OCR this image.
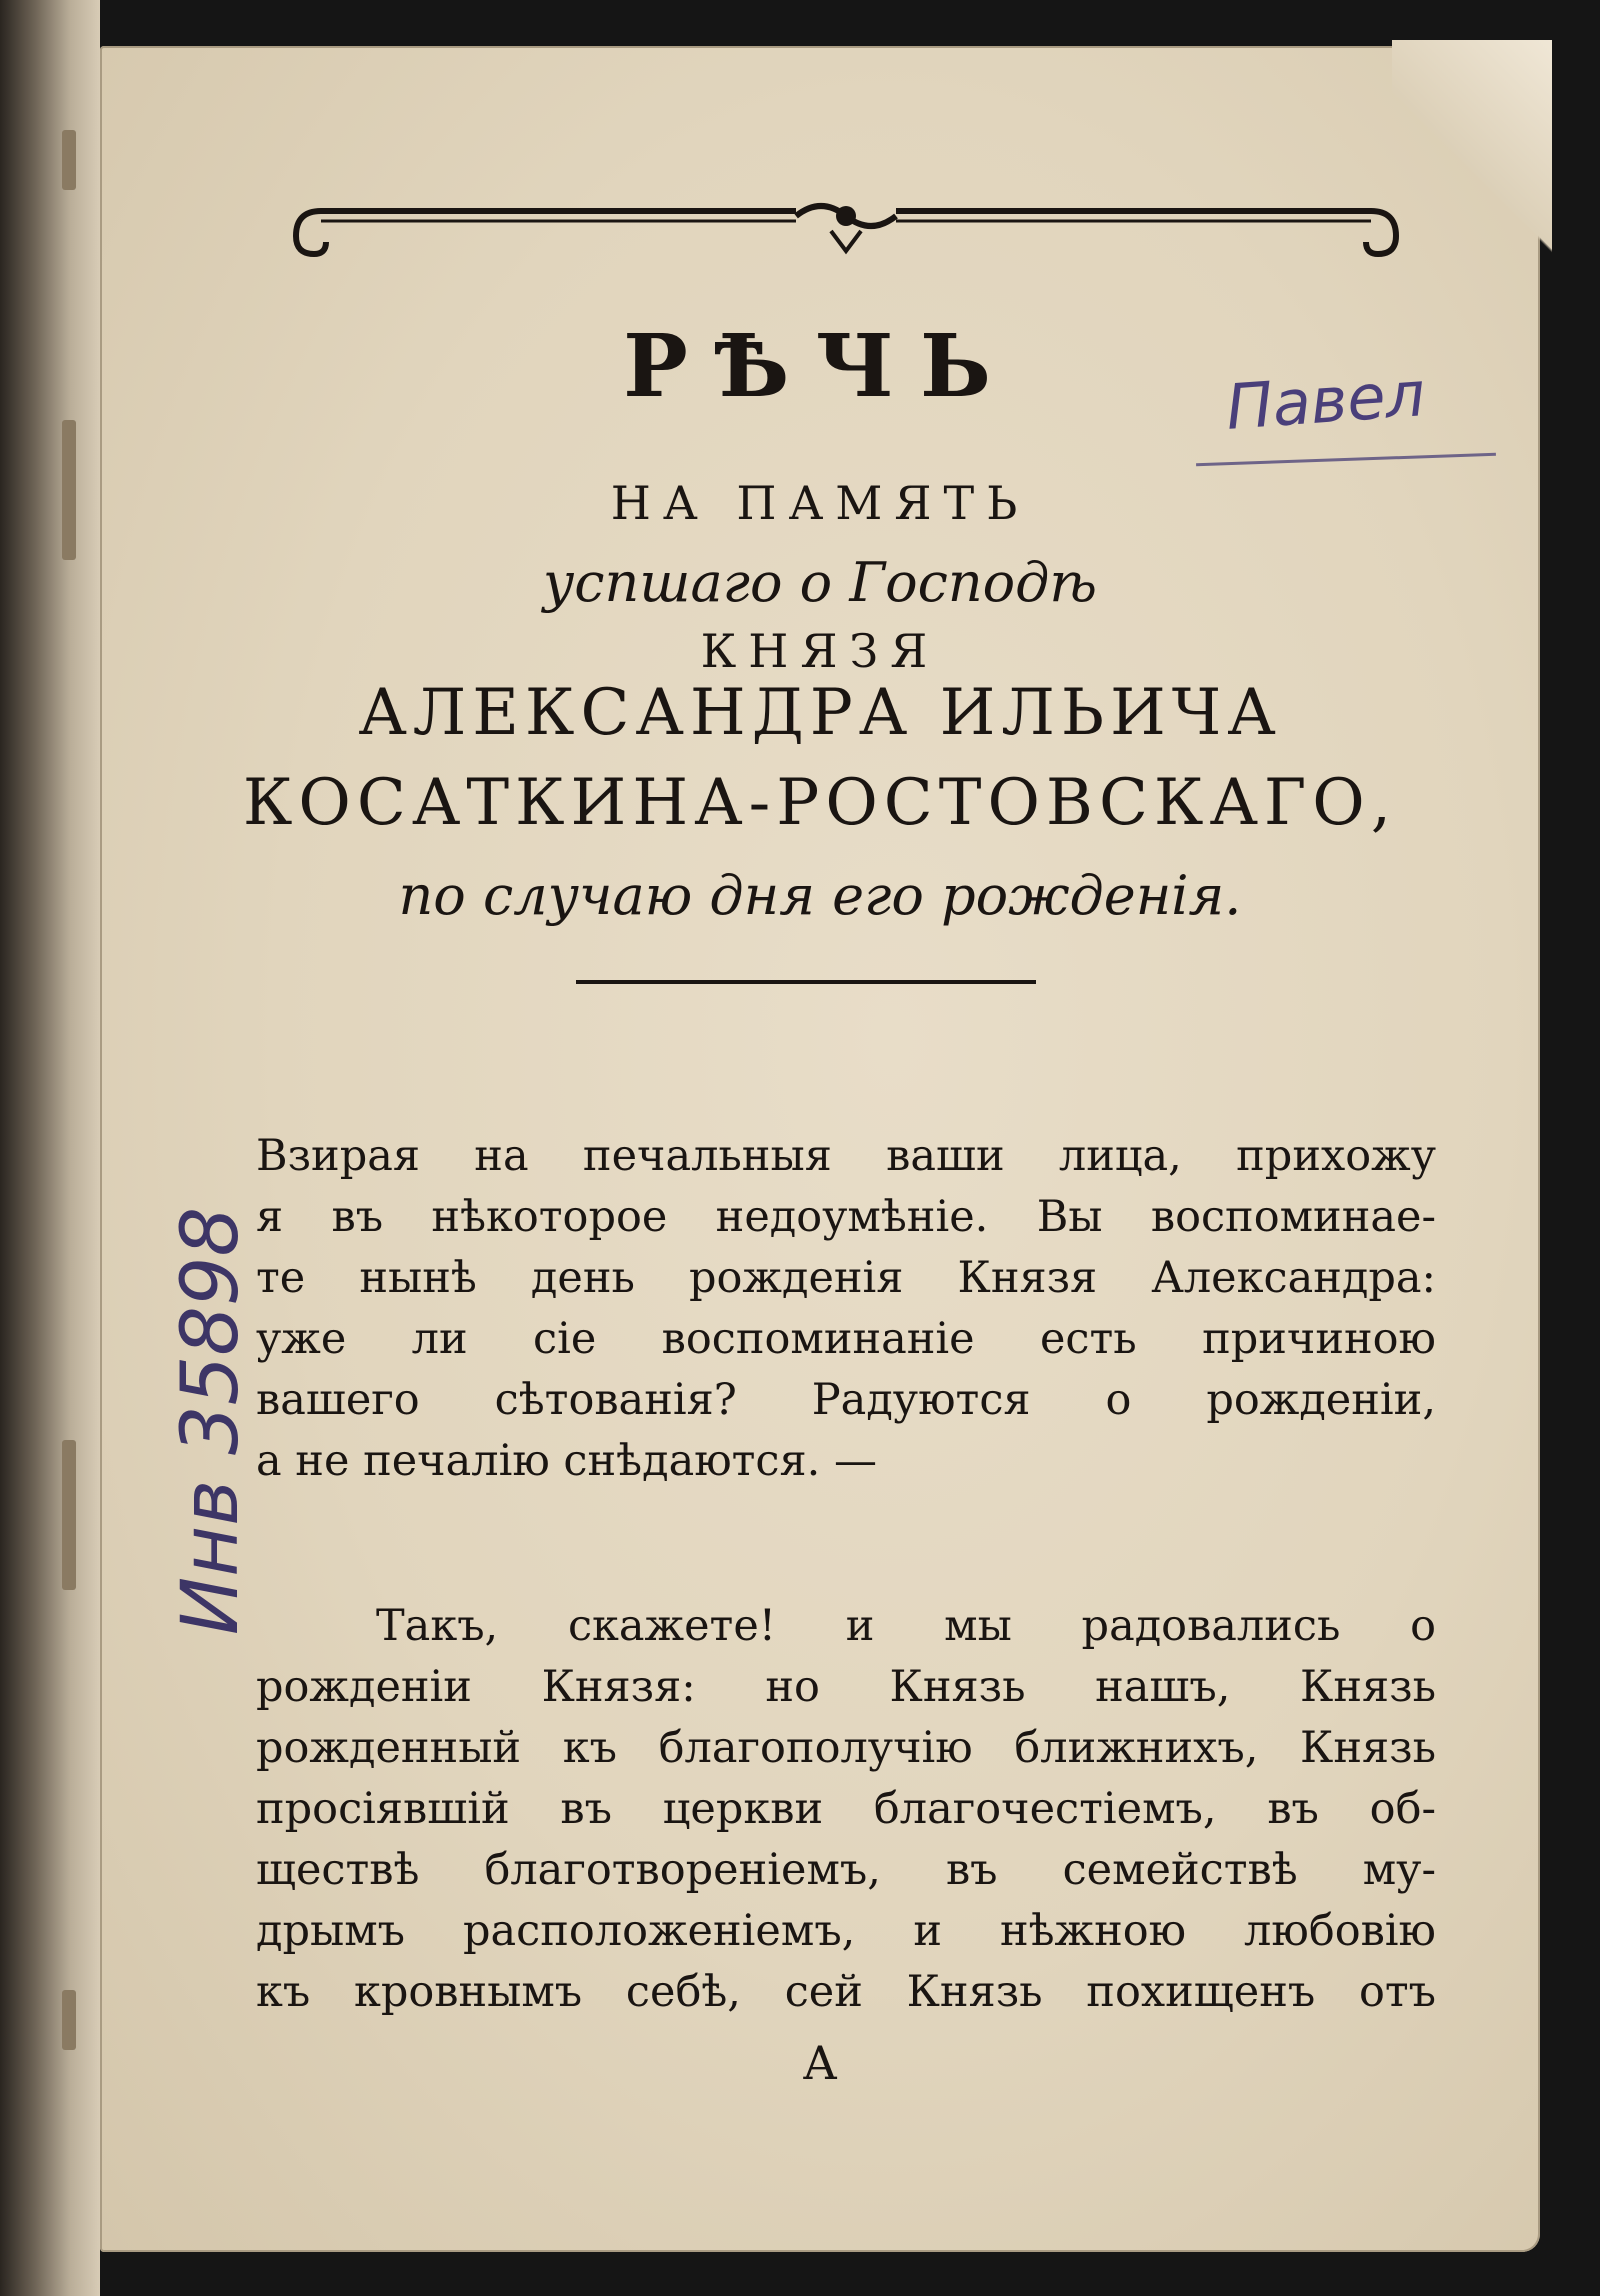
РѢЧЬ
НА ПАМЯТЬ
успшаго о Господѣ
КНЯЗЯ
АЛЕКСАНДРА ИЛЬИЧА
КОСАТКИНА-РОСТОВСКАГО,
по случаю дня его рожденія.
Взирая на печальныя ваши лица, прихожу
я въ нѣкоторое недоумѣніе. Вы воспоминае-
те нынѣ день рожденія Князя Александра:
уже ли сіе воспоминаніе есть причиною
вашего сѣтованія? Радуются о рожденіи,
а не печалію снѣдаются. —
Такъ, скажете! и мы радовались о
рожденіи Князя: но Князь нашъ, Князь
рожденный къ благополучію ближнихъ, Князь
просіявшій въ церкви благочестіемъ, въ об-
ществѣ благотвореніемъ, въ семействѣ му-
дрымъ расположеніемъ, и нѣжною любовію
къ кровнымъ себѣ, сей Князь похищенъ отъ
А
Павел
Инв 35898
